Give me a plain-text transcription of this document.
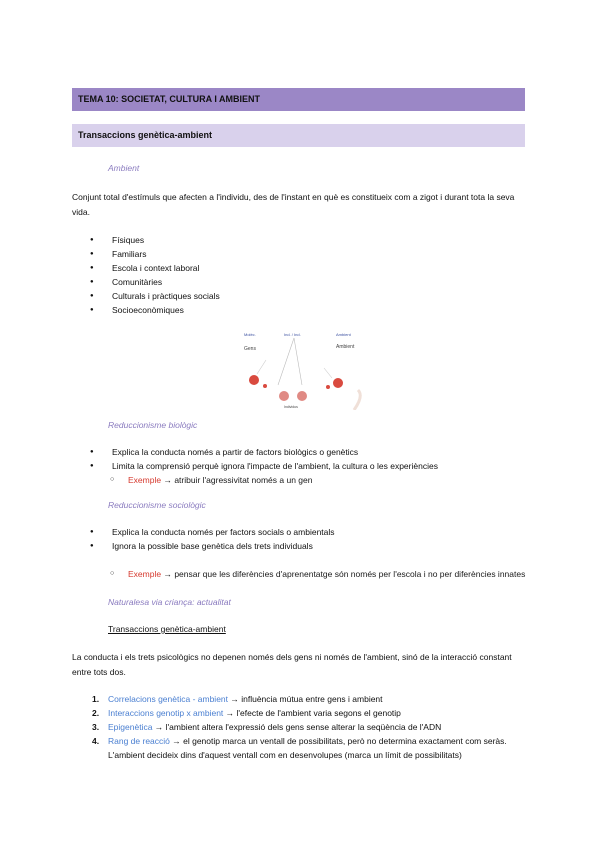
TEMA 10: SOCIETAT, CULTURA I AMBIENT
Transaccions genètica-ambient
Ambient
Conjunt total d'estímuls que afecten a l'individu, des de l'instant en què es constitueix com a zigot i durant tota la seva vida.
● Físiques
● Familiars
● Escola i context laboral
● Comunitàries
● Culturals i pràctiques socials
● Socioeconòmiques
Molèc.	Ind. / Ind.	Ambient
Gens	Ambient
Individus
Reduccionisme biològic
● Explica la conducta només a partir de factors biològics o genètics
● Limita la comprensió perquè ignora l'impacte de l'ambient, la cultura o les experiències
○ Exemple → atribuir l'agressivitat només a un gen
Reduccionisme sociològic
● Explica la conducta només per factors socials o ambientals
● Ignora la possible base genètica dels trets individuals
○ Exemple → pensar que les diferències d'aprenentatge són només per l'escola i no per diferències innates
Naturalesa via criança: actualitat
Transaccions genètica-ambient
La conducta i els trets psicològics no depenen només dels gens ni només de l'ambient, sinó de la interacció constant entre tots dos.
1. Correlacions genètica - ambient → influència mútua entre gens i ambient
2. Interaccions genotip x ambient → l'efecte de l'ambient varia segons el genotip
3. Epigenètica → l'ambient altera l'expressió dels gens sense alterar la seqüència de l'ADN
4. Rang de reacció → el genotip marca un ventall de possibilitats, però no determina exactament com seràs. L'ambient decideix dins d'aquest ventall com en desenvolupes (marca un límit de possibilitats)
